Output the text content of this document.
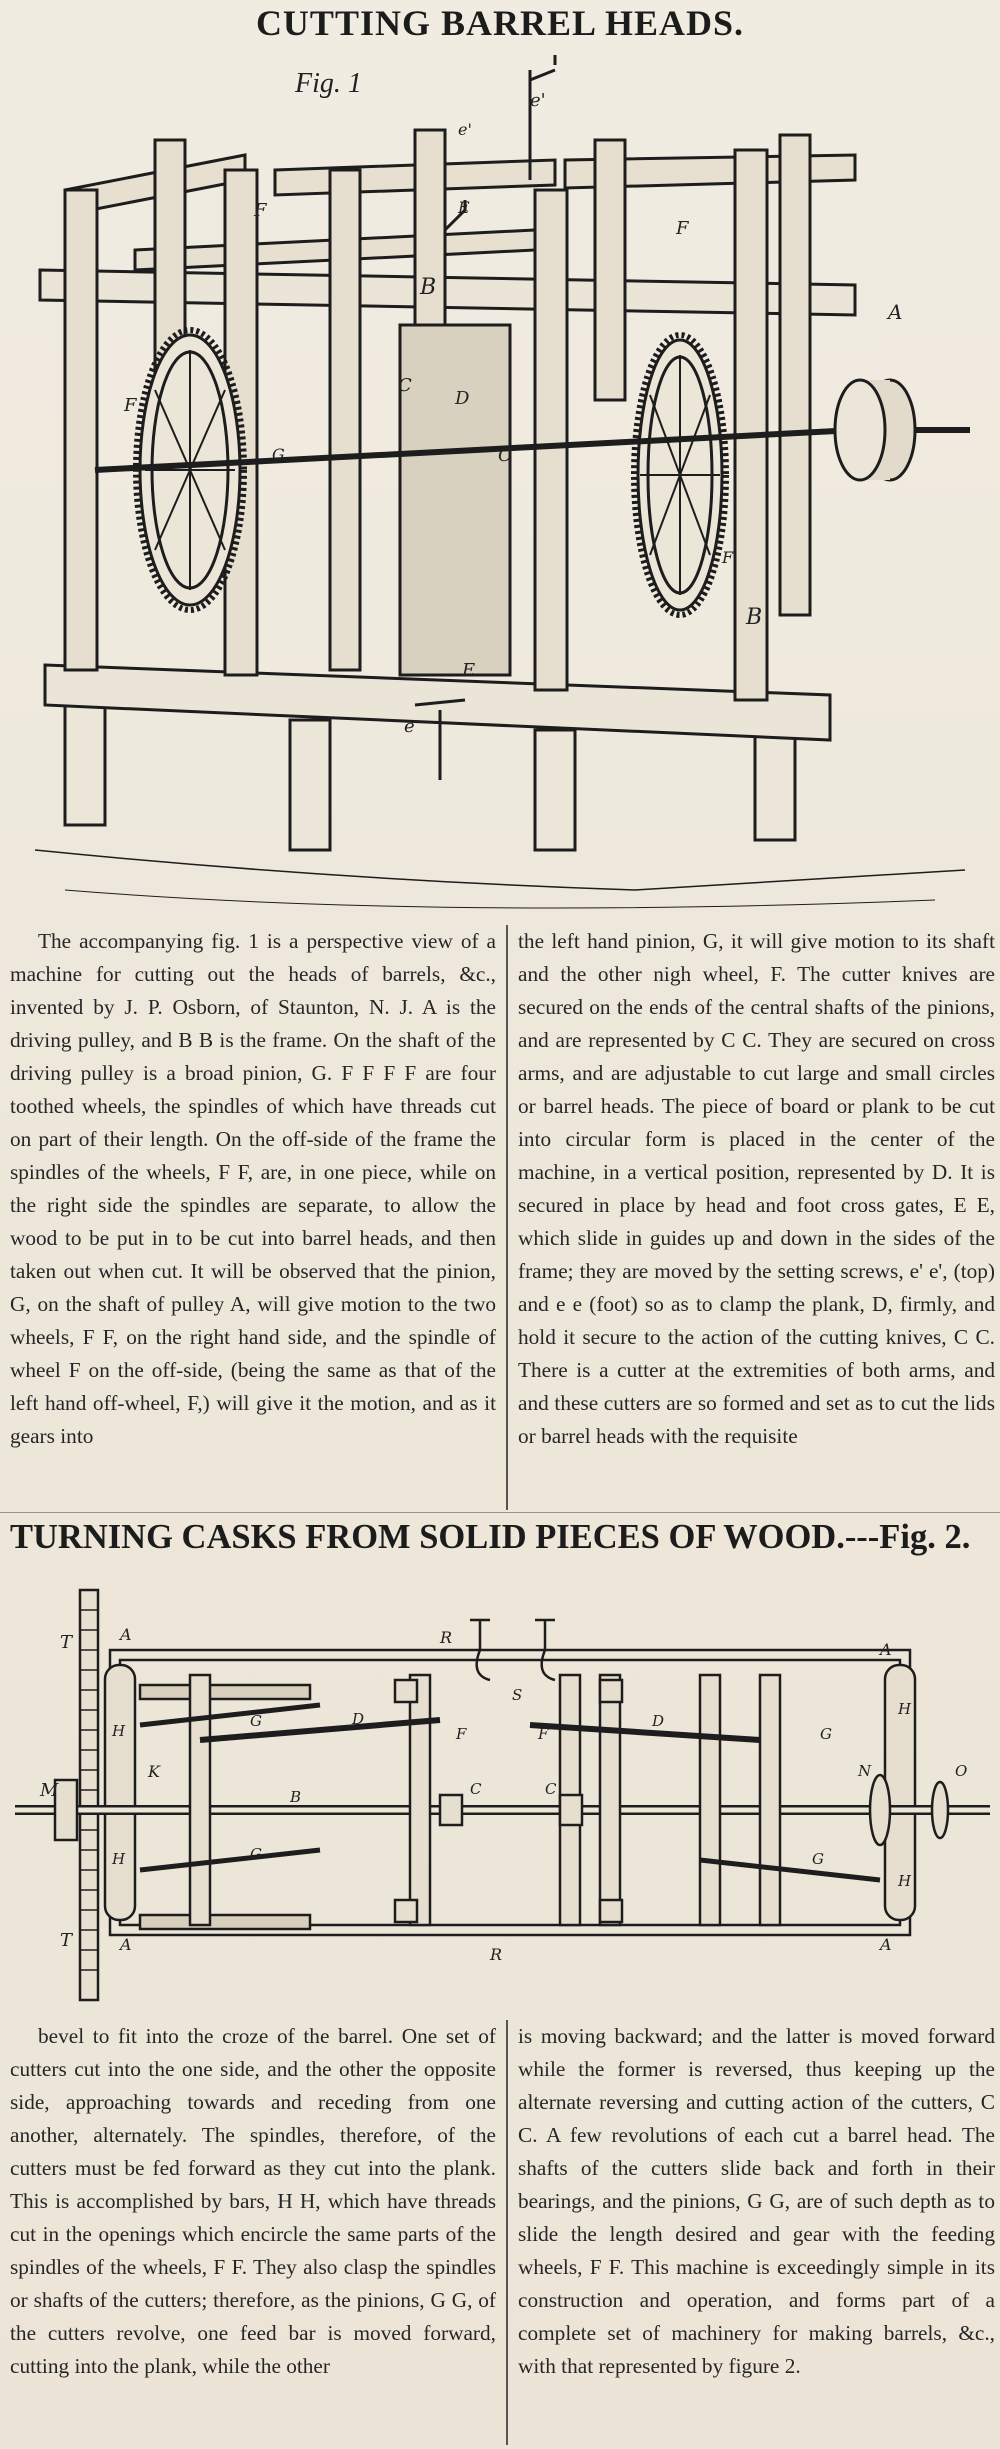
CUTTING BARREL HEADS.
Fig. 1
A
B
B
C
C
D
E
E
e'
e'
e
F
F
F
F
G

The accompanying fig. 1 is a perspective view of a machine for cutting out the heads of barrels, &c., invented by J. P. Osborn, of Staunton, N. J. A is the driving pulley, and B B is the frame. On the shaft of the driving pulley is a broad pinion, G. F F F F are four toothed wheels, the spindles of which have threads cut on part of their length. On the off-side of the frame the spindles of the wheels, F F, are, in one piece, while on the right side the spindles are separate, to allow the wood to be put in to be cut into barrel heads, and then taken out when cut. It will be observed that the pinion, G, on the shaft of pulley A, will give motion to the two wheels, F F, on the right hand side, and the spindle of wheel F on the off-side, (being the same as that of the left hand off-wheel, F,) will give it the motion, and as it gears into

the left hand pinion, G, it will give motion to its shaft and the other nigh wheel, F. The cutter knives are secured on the ends of the central shafts of the pinions, and are represented by C C. They are secured on cross arms, and are adjustable to cut large and small circles or barrel heads. The piece of board or plank to be cut into circular form is placed in the center of the machine, in a vertical position, represented by D. It is secured in place by head and foot cross gates, E E, which slide in guides up and down in the sides of the frame; they are moved by the setting screws, e' e', (top) and e e (foot) so as to clamp the plank, D, firmly, and hold it secure to the action of the cutting knives, C C. There is a cutter at the extremities of both arms, and and these cutters are so formed and set as to cut the lids or barrel heads with the requisite

TURNING CASKS FROM SOLID PIECES OF WOOD.---Fig. 2.
T
T
A
A
A
A
R
R
M
K
H
H
H
H
G
G
G
G
D	D
F	F
C	C
B
S
N	O

bevel to fit into the croze of the barrel. One set of cutters cut into the one side, and the other the opposite side, approaching towards and receding from one another, alternately. The spindles, therefore, of the cutters must be fed forward as they cut into the plank. This is accomplished by bars, H H, which have threads cut in the openings which encircle the same parts of the spindles of the wheels, F F. They also clasp the spindles or shafts of the cutters; therefore, as the pinions, G G, of the cutters revolve, one feed bar is moved forward, cutting into the plank, while the other

is moving backward; and the latter is moved forward while the former is reversed, thus keeping up the alternate reversing and cutting action of the cutters, C C. A few revolutions of each cut a barrel head. The shafts of the cutters slide back and forth in their bearings, and the pinions, G G, are of such depth as to slide the length desired and gear with the feeding wheels, F F. This machine is exceedingly simple in its construction and operation, and forms part of a complete set of machinery for making barrels, &c., with that represented by figure 2.
